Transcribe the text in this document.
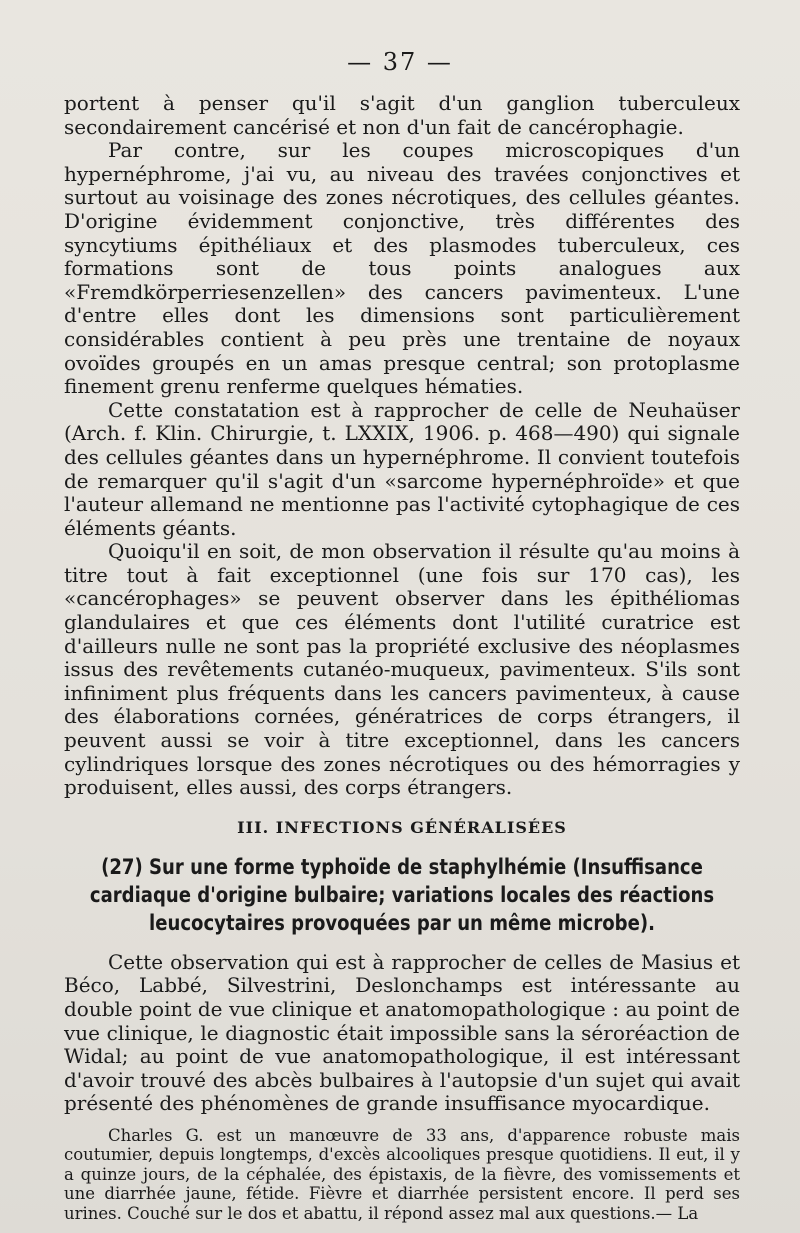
— 37 —

portent à penser qu'il s'agit d'un ganglion tuberculeux secondairement cancérisé et non d'un fait de cancérophagie.

Par contre, sur les coupes microscopiques d'un hypernéphrome, j'ai vu, au niveau des travées conjonctives et surtout au voisinage des zones nécrotiques, des cellules géantes. D'origine évidemment conjonctive, très différentes des syncytiums épithéliaux et des plasmodes tuberculeux, ces formations sont de tous points analogues aux «Fremdkörperriesenzellen» des cancers pavimenteux. L'une d'entre elles dont les dimensions sont particulièrement considérables contient à peu près une trentaine de noyaux ovoïdes groupés en un amas presque central; son protoplasme finement grenu renferme quelques hématies.

Cette constatation est à rapprocher de celle de Neuhaüser (Arch. f. Klin. Chirurgie, t. LXXIX, 1906. p. 468—490) qui signale des cellules géantes dans un hypernéphrome. Il convient toutefois de remarquer qu'il s'agit d'un «sarcome hypernéphroïde» et que l'auteur allemand ne mentionne pas l'activité cytophagique de ces éléments géants.

Quoiqu'il en soit, de mon observation il résulte qu'au moins à titre tout à fait exceptionnel (une fois sur 170 cas), les «cancérophages» se peuvent observer dans les épithéliomas glandulaires et que ces éléments dont l'utilité curatrice est d'ailleurs nulle ne sont pas la propriété exclusive des néoplasmes issus des revêtements cutanéo-muqueux, pavimenteux. S'ils sont infiniment plus fréquents dans les cancers pavimenteux, à cause des élaborations cornées, génératrices de corps étrangers, il peuvent aussi se voir à titre exceptionnel, dans les cancers cylindriques lorsque des zones nécrotiques ou des hémorragies y produisent, elles aussi, des corps étrangers.

III. INFECTIONS GÉNÉRALISÉES
(27) Sur une forme typhoïde de staphylhémie (Insuffisance cardiaque d'origine bulbaire; variations locales des réactions leucocytaires provoquées par un même microbe).

Cette observation qui est à rapprocher de celles de Masius et Béco, Labbé, Silvestrini, Deslonchamps est intéressante au double point de vue clinique et anatomopathologique : au point de vue clinique, le diagnostic était impossible sans la séroréaction de Widal; au point de vue anatomopathologique, il est intéressant d'avoir trouvé des abcès bulbaires à l'autopsie d'un sujet qui avait présenté des phénomènes de grande insuffisance myocardique.

Charles G. est un manœuvre de 33 ans, d'apparence robuste mais coutumier, depuis longtemps, d'excès alcooliques presque quotidiens. Il eut, il y a quinze jours, de la céphalée, des épistaxis, de la fièvre, des vomissements et une diarrhée jaune, fétide. Fièvre et diarrhée persistent encore. Il perd ses urines. Couché sur le dos et abattu, il répond assez mal aux questions.— La
